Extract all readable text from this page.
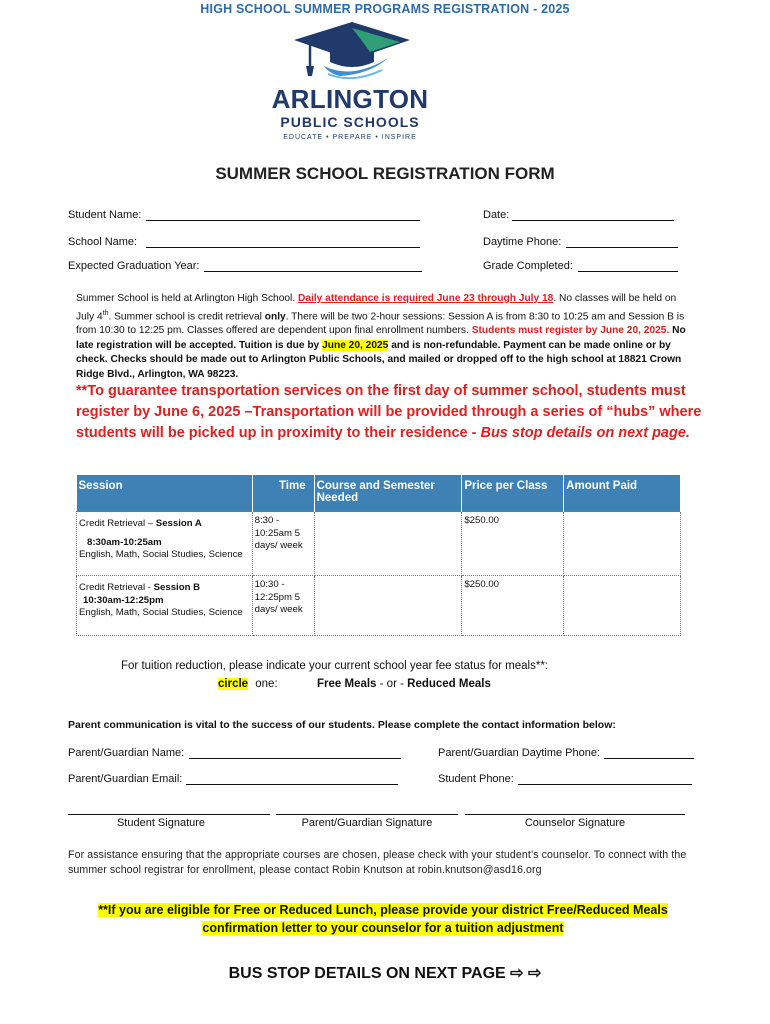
HIGH SCHOOL SUMMER PROGRAMS REGISTRATION - 2025
ARLINGTON
PUBLIC SCHOOLS
EDUCATE • PREPARE • INSPIRE
SUMMER SCHOOL REGISTRATION FORM
Student Name:	Date:
School Name:	Daytime Phone:
Expected Graduation Year:	Grade Completed:
Summer School is held at Arlington High School. Daily attendance is required June 23 through July 18. No classes will be held on July 4th. Summer school is credit retrieval only. There will be two 2-hour sessions: Session A is from 8:30 to 10:25 am and Session B is from 10:30 to 12:25 pm. Classes offered are dependent upon final enrollment numbers. Students must register by June 20, 2025. No late registration will be accepted. Tuition is due by June 20, 2025 and is non-refundable. Payment can be made online or by check. Checks should be made out to Arlington Public Schools, and mailed or dropped off to the high school at 18821 Crown Ridge Blvd., Arlington, WA 98223.
**To guarantee transportation services on the first day of summer school, students must register by June 6, 2025 –Transportation will be provided through a series of “hubs” where students will be picked up in proximity to their residence - Bus stop details on next page.
Session	Time	Course and Semester Needed	Price per Class	Amount Paid
Credit Retrieval – Session A

8:30am-10:25am
English, Math, Social Studies, Science	8:30 - 10:25am 5 days/ week		$250.00	
Credit Retrieval - Session B

10:30am-12:25pm
English, Math, Social Studies, Science	10:30 - 12:25pm 5 days/ week		$250.00	
For tuition reduction, please indicate your current school year fee status for meals**:
circle one:	Free Meals - or - Reduced Meals
Parent communication is vital to the success of our students. Please complete the contact information below:
Parent/Guardian Name:	Parent/Guardian Daytime Phone:
Parent/Guardian Email:	Student Phone:
Student Signature	Parent/Guardian Signature	Counselor Signature
For assistance ensuring that the appropriate courses are chosen, please check with your student’s counselor. To connect with the summer school registrar for enrollment, please contact Robin Knutson at robin.knutson@asd16.org
**If you are eligible for Free or Reduced Lunch, please provide your district Free/Reduced Meals confirmation letter to your counselor for a tuition adjustment
BUS STOP DETAILS ON NEXT PAGE ⇨ ⇨
